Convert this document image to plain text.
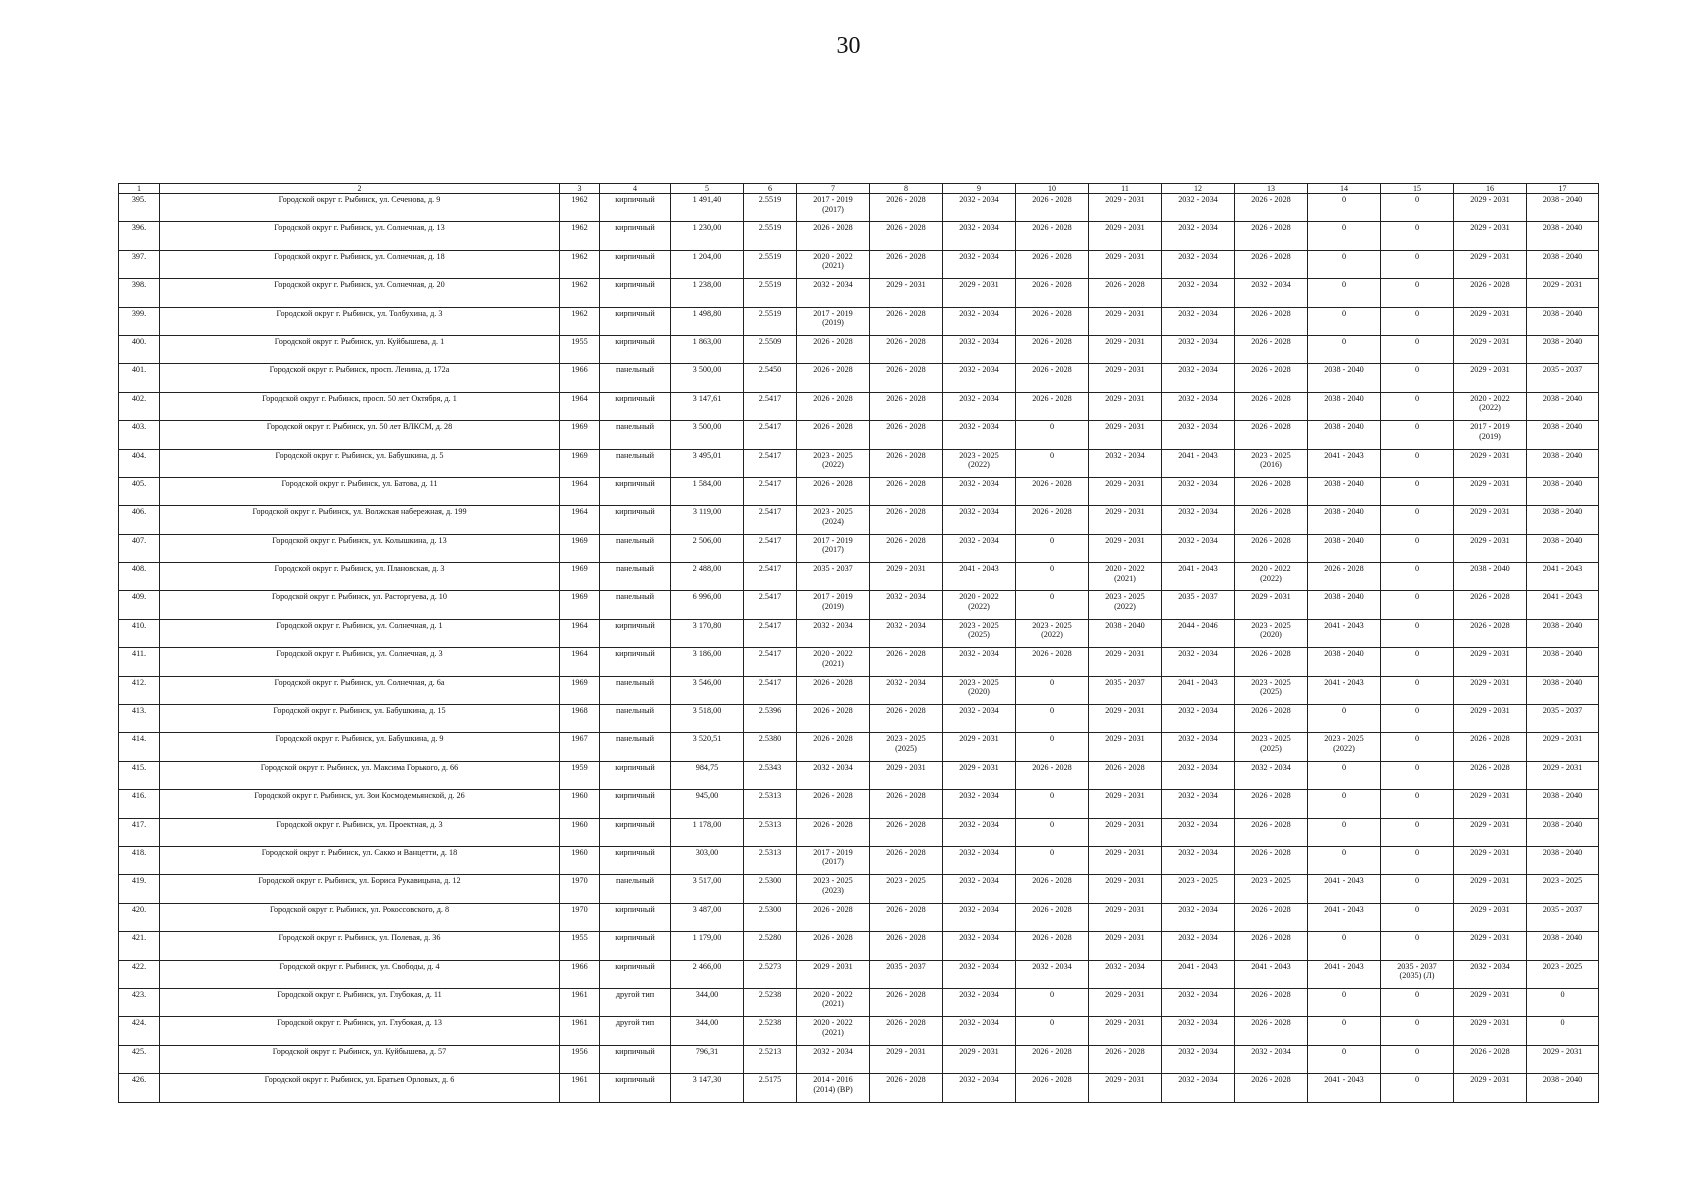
30
1	2	3	4	5	6	7	8	9	10	11	12	13	14	15	16	17
395.	Городской округ г. Рыбинск, ул. Сеченова, д. 9	1962	кирпичный	1 491,40	2.5519	2017 - 2019
(2017)	2026 - 2028	2032 - 2034	2026 - 2028	2029 - 2031	2032 - 2034	2026 - 2028	0	0	2029 - 2031	2038 - 2040
396.	Городской округ г. Рыбинск, ул. Солнечная, д. 13	1962	кирпичный	1 230,00	2.5519	2026 - 2028	2026 - 2028	2032 - 2034	2026 - 2028	2029 - 2031	2032 - 2034	2026 - 2028	0	0	2029 - 2031	2038 - 2040
397.	Городской округ г. Рыбинск, ул. Солнечная, д. 18	1962	кирпичный	1 204,00	2.5519	2020 - 2022
(2021)	2026 - 2028	2032 - 2034	2026 - 2028	2029 - 2031	2032 - 2034	2026 - 2028	0	0	2029 - 2031	2038 - 2040
398.	Городской округ г. Рыбинск, ул. Солнечная, д. 20	1962	кирпичный	1 238,00	2.5519	2032 - 2034	2029 - 2031	2029 - 2031	2026 - 2028	2026 - 2028	2032 - 2034	2032 - 2034	0	0	2026 - 2028	2029 - 2031
399.	Городской округ г. Рыбинск, ул. Толбухина, д. 3	1962	кирпичный	1 498,80	2.5519	2017 - 2019
(2019)	2026 - 2028	2032 - 2034	2026 - 2028	2029 - 2031	2032 - 2034	2026 - 2028	0	0	2029 - 2031	2038 - 2040
400.	Городской округ г. Рыбинск, ул. Куйбышева, д. 1	1955	кирпичный	1 863,00	2.5509	2026 - 2028	2026 - 2028	2032 - 2034	2026 - 2028	2029 - 2031	2032 - 2034	2026 - 2028	0	0	2029 - 2031	2038 - 2040
401.	Городской округ г. Рыбинск, просп. Ленина, д. 172а	1966	панельный	3 500,00	2.5450	2026 - 2028	2026 - 2028	2032 - 2034	2026 - 2028	2029 - 2031	2032 - 2034	2026 - 2028	2038 - 2040	0	2029 - 2031	2035 - 2037
402.	Городской округ г. Рыбинск, просп. 50 лет Октября, д. 1	1964	кирпичный	3 147,61	2.5417	2026 - 2028	2026 - 2028	2032 - 2034	2026 - 2028	2029 - 2031	2032 - 2034	2026 - 2028	2038 - 2040	0	2020 - 2022
(2022)	2038 - 2040
403.	Городской округ г. Рыбинск, ул. 50 лет ВЛКСМ, д. 28	1969	панельный	3 500,00	2.5417	2026 - 2028	2026 - 2028	2032 - 2034	0	2029 - 2031	2032 - 2034	2026 - 2028	2038 - 2040	0	2017 - 2019
(2019)	2038 - 2040
404.	Городской округ г. Рыбинск, ул. Бабушкина, д. 5	1969	панельный	3 495,01	2.5417	2023 - 2025
(2022)	2026 - 2028	2023 - 2025
(2022)	0	2032 - 2034	2041 - 2043	2023 - 2025
(2016)	2041 - 2043	0	2029 - 2031	2038 - 2040
405.	Городской округ г. Рыбинск, ул. Батова, д. 11	1964	кирпичный	1 584,00	2.5417	2026 - 2028	2026 - 2028	2032 - 2034	2026 - 2028	2029 - 2031	2032 - 2034	2026 - 2028	2038 - 2040	0	2029 - 2031	2038 - 2040
406.	Городской округ г. Рыбинск, ул. Волжская набережная, д. 199	1964	кирпичный	3 119,00	2.5417	2023 - 2025
(2024)	2026 - 2028	2032 - 2034	2026 - 2028	2029 - 2031	2032 - 2034	2026 - 2028	2038 - 2040	0	2029 - 2031	2038 - 2040
407.	Городской округ г. Рыбинск, ул. Колышкина, д. 13	1969	панельный	2 506,00	2.5417	2017 - 2019
(2017)	2026 - 2028	2032 - 2034	0	2029 - 2031	2032 - 2034	2026 - 2028	2038 - 2040	0	2029 - 2031	2038 - 2040
408.	Городской округ г. Рыбинск, ул. Плановская, д. 3	1969	панельный	2 488,00	2.5417	2035 - 2037	2029 - 2031	2041 - 2043	0	2020 - 2022
(2021)	2041 - 2043	2020 - 2022
(2022)	2026 - 2028	0	2038 - 2040	2041 - 2043
409.	Городской округ г. Рыбинск, ул. Расторгуева, д. 10	1969	панельный	6 996,00	2.5417	2017 - 2019
(2019)	2032 - 2034	2020 - 2022
(2022)	0	2023 - 2025
(2022)	2035 - 2037	2029 - 2031	2038 - 2040	0	2026 - 2028	2041 - 2043
410.	Городской округ г. Рыбинск, ул. Солнечная, д. 1	1964	кирпичный	3 170,80	2.5417	2032 - 2034	2032 - 2034	2023 - 2025
(2025)	2023 - 2025
(2022)	2038 - 2040	2044 - 2046	2023 - 2025
(2020)	2041 - 2043	0	2026 - 2028	2038 - 2040
411.	Городской округ г. Рыбинск, ул. Солнечная, д. 3	1964	кирпичный	3 186,00	2.5417	2020 - 2022
(2021)	2026 - 2028	2032 - 2034	2026 - 2028	2029 - 2031	2032 - 2034	2026 - 2028	2038 - 2040	0	2029 - 2031	2038 - 2040
412.	Городской округ г. Рыбинск, ул. Солнечная, д. 6а	1969	панельный	3 546,00	2.5417	2026 - 2028	2032 - 2034	2023 - 2025
(2020)	0	2035 - 2037	2041 - 2043	2023 - 2025
(2025)	2041 - 2043	0	2029 - 2031	2038 - 2040
413.	Городской округ г. Рыбинск, ул. Бабушкина, д. 15	1968	панельный	3 518,00	2.5396	2026 - 2028	2026 - 2028	2032 - 2034	0	2029 - 2031	2032 - 2034	2026 - 2028	0	0	2029 - 2031	2035 - 2037
414.	Городской округ г. Рыбинск, ул. Бабушкина, д. 9	1967	панельный	3 520,51	2.5380	2026 - 2028	2023 - 2025
(2025)	2029 - 2031	0	2029 - 2031	2032 - 2034	2023 - 2025
(2025)	2023 - 2025
(2022)	0	2026 - 2028	2029 - 2031
415.	Городской округ г. Рыбинск, ул. Максима Горького, д. 66	1959	кирпичный	984,75	2.5343	2032 - 2034	2029 - 2031	2029 - 2031	2026 - 2028	2026 - 2028	2032 - 2034	2032 - 2034	0	0	2026 - 2028	2029 - 2031
416.	Городской округ г. Рыбинск, ул. Зои Космодемьянской, д. 26	1960	кирпичный	945,00	2.5313	2026 - 2028	2026 - 2028	2032 - 2034	0	2029 - 2031	2032 - 2034	2026 - 2028	0	0	2029 - 2031	2038 - 2040
417.	Городской округ г. Рыбинск, ул. Проектная, д. 3	1960	кирпичный	1 178,00	2.5313	2026 - 2028	2026 - 2028	2032 - 2034	0	2029 - 2031	2032 - 2034	2026 - 2028	0	0	2029 - 2031	2038 - 2040
418.	Городской округ г. Рыбинск, ул. Сакко и Ванцетти, д. 18	1960	кирпичный	303,00	2.5313	2017 - 2019
(2017)	2026 - 2028	2032 - 2034	0	2029 - 2031	2032 - 2034	2026 - 2028	0	0	2029 - 2031	2038 - 2040
419.	Городской округ г. Рыбинск, ул. Бориса Рукавицына, д. 12	1970	панельный	3 517,00	2.5300	2023 - 2025
(2023)	2023 - 2025	2032 - 2034	2026 - 2028	2029 - 2031	2023 - 2025	2023 - 2025	2041 - 2043	0	2029 - 2031	2023 - 2025
420.	Городской округ г. Рыбинск, ул. Рокоссовского, д. 8	1970	кирпичный	3 487,00	2.5300	2026 - 2028	2026 - 2028	2032 - 2034	2026 - 2028	2029 - 2031	2032 - 2034	2026 - 2028	2041 - 2043	0	2029 - 2031	2035 - 2037
421.	Городской округ г. Рыбинск, ул. Полевая, д. 36	1955	кирпичный	1 179,00	2.5280	2026 - 2028	2026 - 2028	2032 - 2034	2026 - 2028	2029 - 2031	2032 - 2034	2026 - 2028	0	0	2029 - 2031	2038 - 2040
422.	Городской округ г. Рыбинск, ул. Свободы, д. 4	1966	кирпичный	2 466,00	2.5273	2029 - 2031	2035 - 2037	2032 - 2034	2032 - 2034	2032 - 2034	2041 - 2043	2041 - 2043	2041 - 2043	2035 - 2037
(2035) (Л)	2032 - 2034	2023 - 2025
423.	Городской округ г. Рыбинск, ул. Глубокая, д. 11	1961	другой тип	344,00	2.5238	2020 - 2022
(2021)	2026 - 2028	2032 - 2034	0	2029 - 2031	2032 - 2034	2026 - 2028	0	0	2029 - 2031	0
424.	Городской округ г. Рыбинск, ул. Глубокая, д. 13	1961	другой тип	344,00	2.5238	2020 - 2022
(2021)	2026 - 2028	2032 - 2034	0	2029 - 2031	2032 - 2034	2026 - 2028	0	0	2029 - 2031	0
425.	Городской округ г. Рыбинск, ул. Куйбышева, д. 57	1956	кирпичный	796,31	2.5213	2032 - 2034	2029 - 2031	2029 - 2031	2026 - 2028	2026 - 2028	2032 - 2034	2032 - 2034	0	0	2026 - 2028	2029 - 2031
426.	Городской округ г. Рыбинск, ул. Братьев Орловых, д. 6	1961	кирпичный	3 147,30	2.5175	2014 - 2016
(2014) (ВР)	2026 - 2028	2032 - 2034	2026 - 2028	2029 - 2031	2032 - 2034	2026 - 2028	2041 - 2043	0	2029 - 2031	2038 - 2040
